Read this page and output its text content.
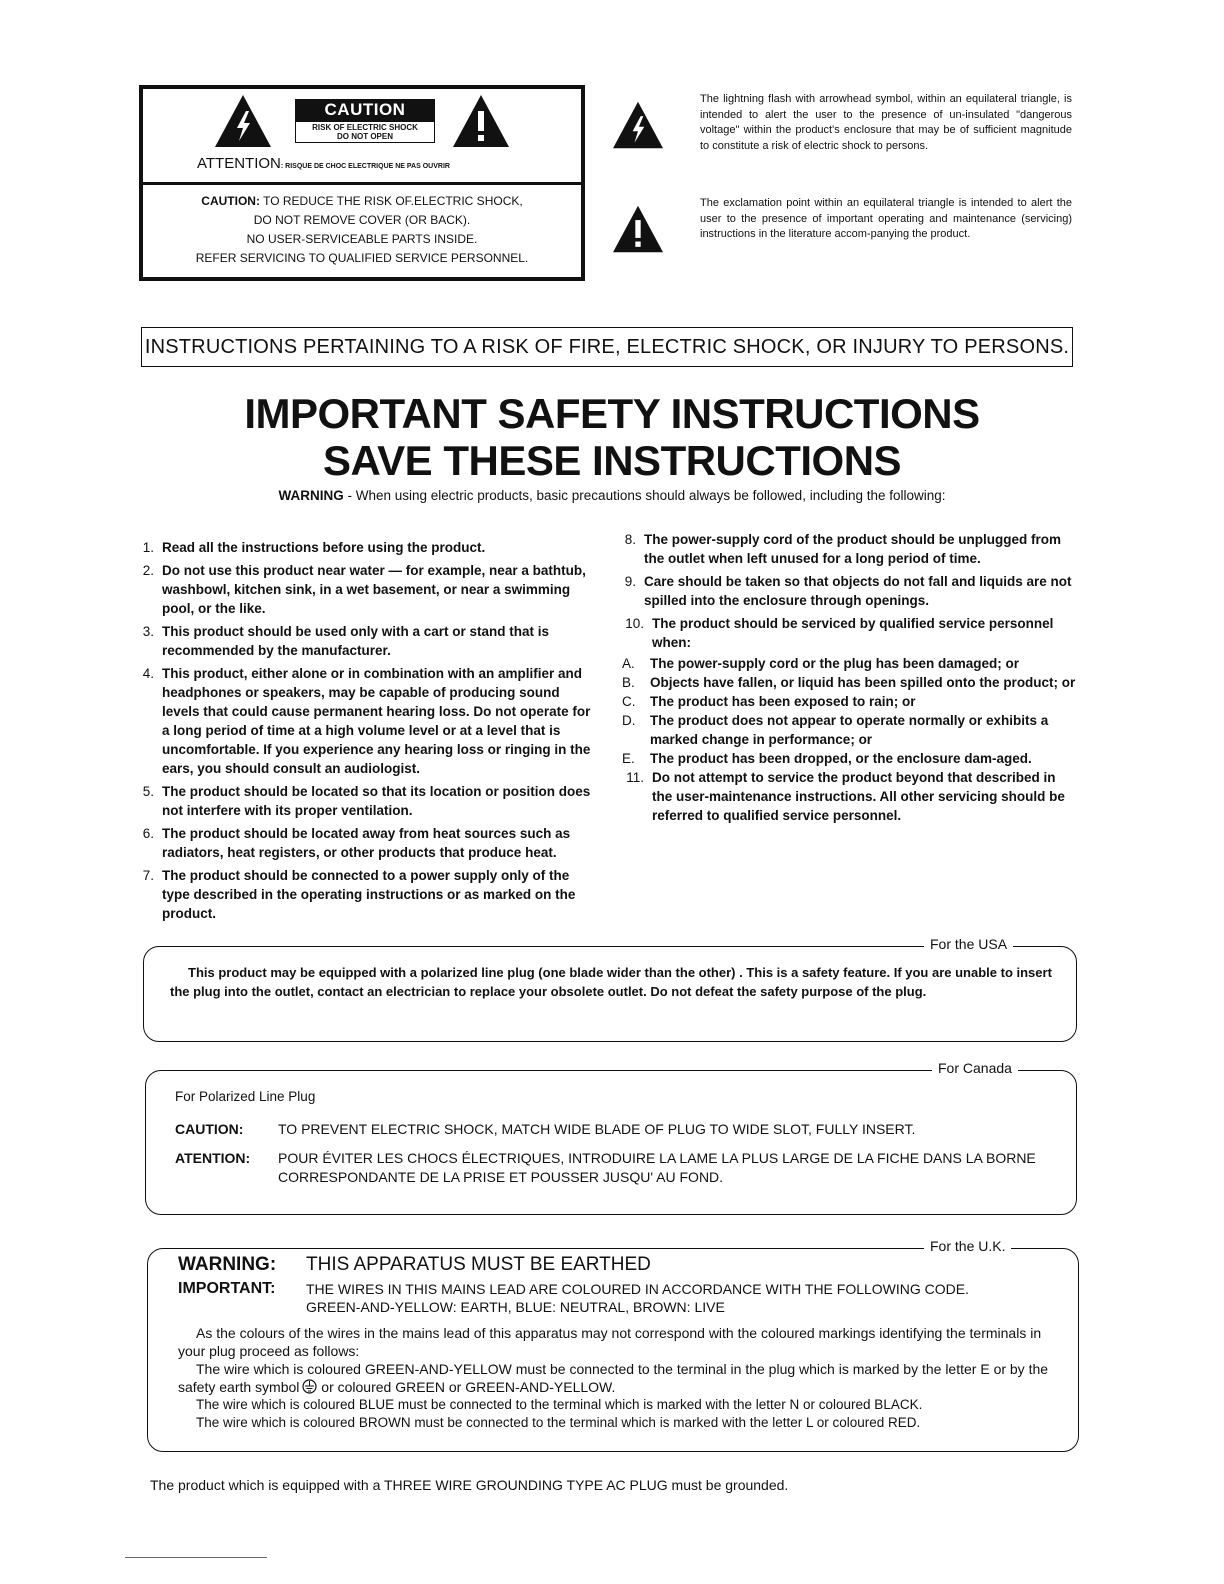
CAUTION
RISK OF ELECTRIC SHOCK
DO NOT OPEN
ATTENTION: RISQUE DE CHOC ELECTRIQUE NE PAS OUVRIR
CAUTION: TO REDUCE THE RISK OF.ELECTRIC SHOCK,
DO NOT REMOVE COVER (OR BACK).
NO USER-SERVICEABLE PARTS INSIDE.
REFER SERVICING TO QUALIFIED SERVICE PERSONNEL.
The lightning flash with arrowhead symbol, within an equilateral triangle, is intended to alert the user to the presence of un-insulated "dangerous voltage" within the product's enclosure that may be of sufficient magnitude to constitute a risk of electric shock to persons.
The exclamation point within an equilateral triangle is intended to alert the user to the presence of important operating and maintenance (servicing) instructions in the literature accom-panying the product.
INSTRUCTIONS PERTAINING TO A RISK OF FIRE, ELECTRIC SHOCK, OR INJURY TO PERSONS.
IMPORTANT SAFETY INSTRUCTIONS
SAVE THESE INSTRUCTIONS
WARNING - When using electric products, basic precautions should always be followed, including the following:
1. Read all the instructions before using the product.
2. Do not use this product near water — for example, near a bathtub, washbowl, kitchen sink, in a wet basement, or near a swimming pool, or the like.
3. This product should be used only with a cart or stand that is recommended by the manufacturer.
4. This product, either alone or in combination with an amplifier and headphones or speakers, may be capable of producing sound levels that could cause permanent hearing loss. Do not operate for a long period of time at a high volume level or at a level that is uncomfortable. If you experience any hearing loss or ringing in the ears, you should consult an audiologist.
5. The product should be located so that its location or position does not interfere with its proper ventilation.
6. The product should be located away from heat sources such as radiators, heat registers, or other products that produce heat.
7. The product should be connected to a power supply only of the type described in the operating instructions or as marked on the product.
8. The power-supply cord of the product should be unplugged from the outlet when left unused for a long period of time.
9. Care should be taken so that objects do not fall and liquids are not spilled into the enclosure through openings.
10. The product should be serviced by qualified service personnel when:
A.	The power-supply cord or the plug has been damaged; or
B.	Objects have fallen, or liquid has been spilled onto the product; or
C.	The product has been exposed to rain; or
D.	The product does not appear to operate normally or exhibits a marked change in performance; or
E.	The product has been dropped, or the enclosure dam-aged.
11. Do not attempt to service the product beyond that described in the user-maintenance instructions. All other servicing should be referred to qualified service personnel.
For the USA
This product may be equipped with a polarized line plug (one blade wider than the other) . This is a safety feature. If you are unable to insert the plug into the outlet, contact an electrician to replace your obsolete outlet. Do not defeat the safety purpose of the plug.
For Canada
For Polarized Line Plug
CAUTION:	TO PREVENT ELECTRIC SHOCK, MATCH WIDE BLADE OF PLUG TO WIDE SLOT, FULLY INSERT.
ATENTION:	POUR ÉVITER LES CHOCS ÉLECTRIQUES, INTRODUIRE LA LAME LA PLUS LARGE DE LA FICHE DANS LA BORNE CORRESPONDANTE DE LA PRISE ET POUSSER JUSQU' AU FOND.
For the U.K.
WARNING:	THIS APPARATUS MUST BE EARTHED
IMPORTANT:	THE WIRES IN THIS MAINS LEAD ARE COLOURED IN ACCORDANCE WITH THE FOLLOWING CODE.
GREEN-AND-YELLOW: EARTH, BLUE: NEUTRAL, BROWN: LIVE
As the colours of the wires in the mains lead of this apparatus may not correspond with the coloured markings identifying the terminals in your plug proceed as follows:
The wire which is coloured GREEN-AND-YELLOW must be connected to the terminal in the plug which is marked by the letter E or by the safety earth symbol or coloured GREEN or GREEN-AND-YELLOW.
The wire which is coloured BLUE must be connected to the terminal which is marked with the letter N or coloured BLACK.
The wire which is coloured BROWN must be connected to the terminal which is marked with the letter L or coloured RED.
The product which is equipped with a THREE WIRE GROUNDING TYPE AC PLUG must be grounded.
